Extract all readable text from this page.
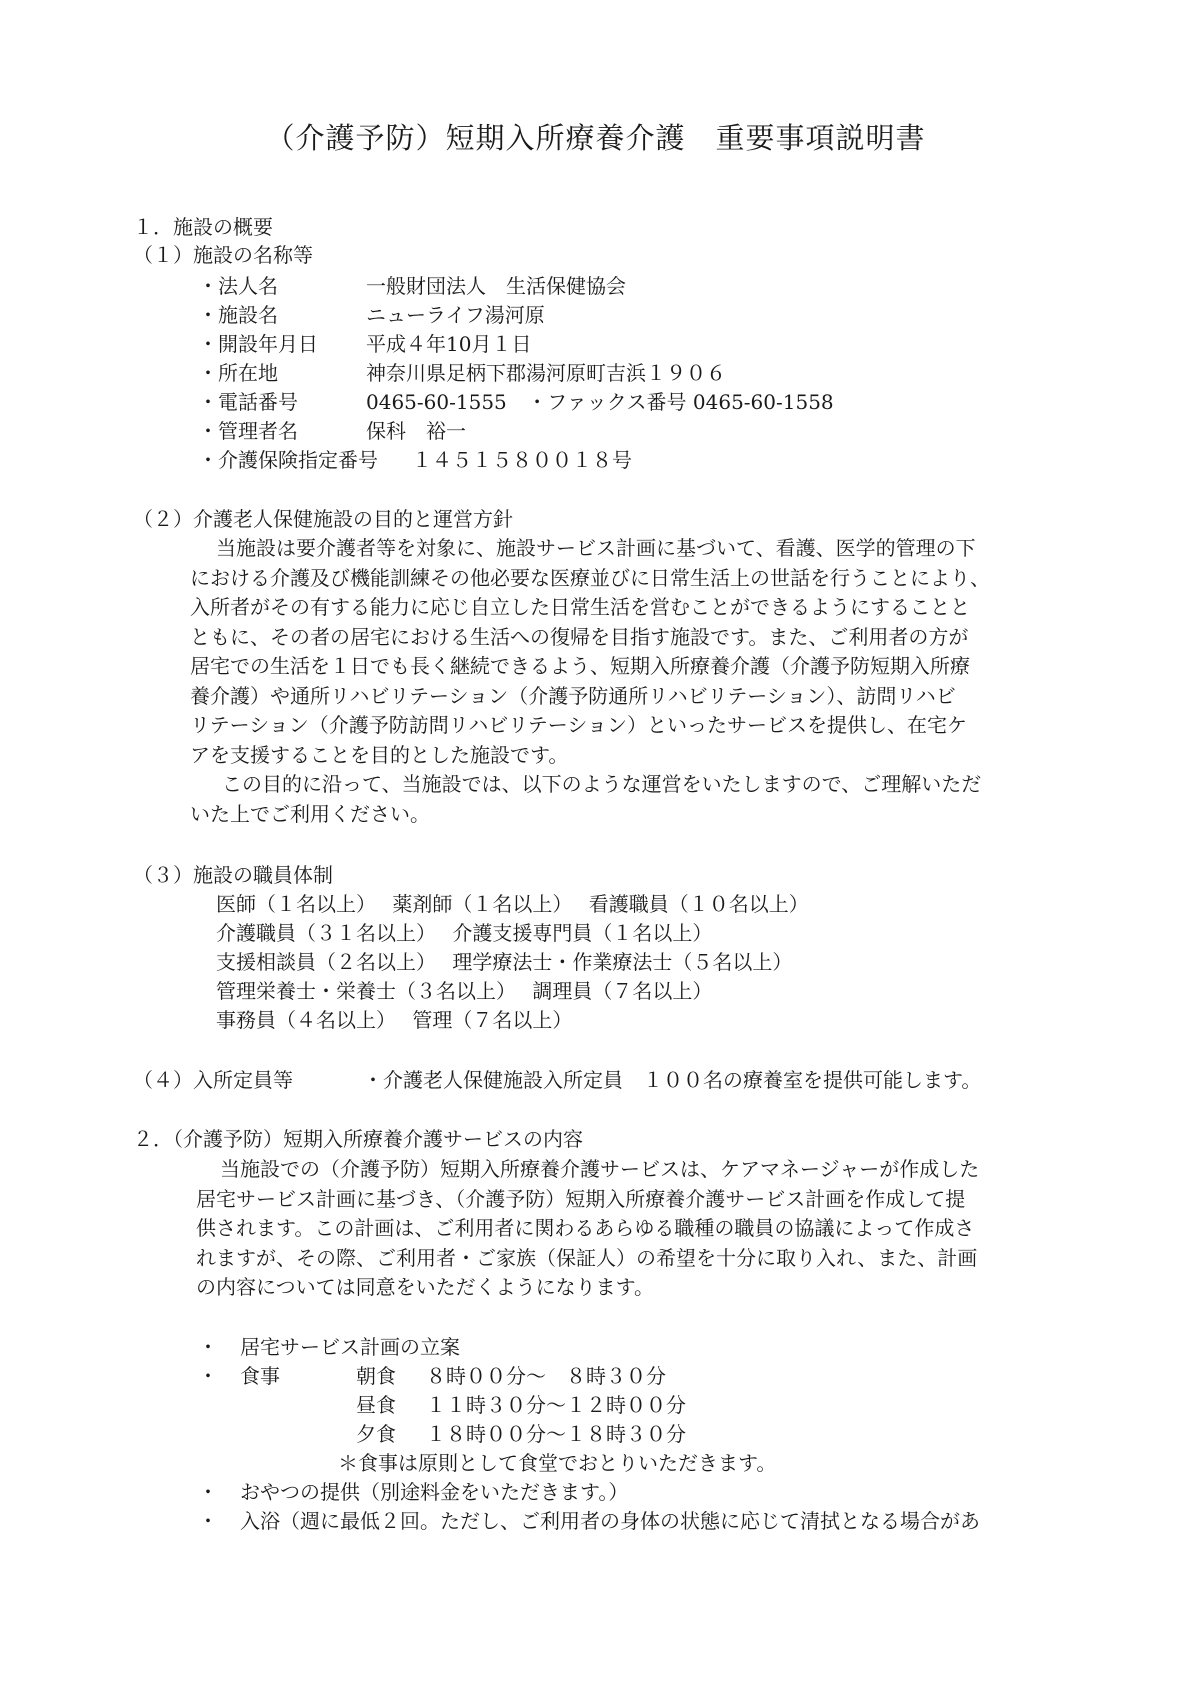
（介護予防）短期入所療養介護　重要事項説明書
１．施設の概要
（１）施設の名称等
・法人名	一般財団法人　生活保健協会
・施設名	ニューライフ湯河原
・開設年月日 平成４年10月１日
・所在地	神奈川県足柄下郡湯河原町吉浜１９０６
・電話番号	0465-60-1555 ・ファックス番号 0465-60-1558
・管理者名	保科　裕一
・介護保険指定番号 １４５１５８００１８号
（２）介護老人保健施設の目的と運営方針
当施設は要介護者等を対象に、施設サービス計画に基づいて、看護、医学的管理の下
における介護及び機能訓練その他必要な医療並びに日常生活上の世話を行うことにより、
入所者がその有する能力に応じ自立した日常生活を営むことができるようにすることと
ともに、その者の居宅における生活への復帰を目指す施設です。また、ご利用者の方が
居宅での生活を１日でも長く継続できるよう、短期入所療養介護（介護予防短期入所療
養介護）や通所リハビリテーション（介護予防通所リハビリテーション）、訪問リハビ
リテーション（介護予防訪問リハビリテーション）といったサービスを提供し、在宅ケ
アを支援することを目的とした施設です。
この目的に沿って、当施設では、以下のような運営をいたしますので、ご理解いただ
いた上でご利用ください。
（３）施設の職員体制
医師（１名以上）　 薬剤師（１名以上）　 看護職員（１０名以上）
介護職員（３１名以上）　 介護支援専門員（１名以上）
支援相談員（２名以上）　 理学療法士・作業療法士（５名以上）
管理栄養士・栄養士（３名以上）　 調理員（７名以上）
事務員（４名以上）　 管理（７名以上）
（４）入所定員等	・介護老人保健施設入所定員　１００名の療養室を提供可能します。
２．（介護予防）短期入所療養介護サービスの内容
当施設での（介護予防）短期入所療養介護サービスは、ケアマネージャーが作成した
居宅サービス計画に基づき、（介護予防）短期入所療養介護サービス計画を作成して提
供されます。この計画は、ご利用者に関わるあらゆる職種の職員の協議によって作成さ
れますが、その際、ご利用者・ご家族（保証人）の希望を十分に取り入れ、また、計画
の内容については同意をいただくようになります。
・ 居宅サービス計画の立案
・ 食事	朝食 ８時００分～　８時３０分
昼食 １１時３０分～１２時００分
夕食 １８時００分～１８時３０分
＊食事は原則として食堂でおとりいただきます。
・ おやつの提供（別途料金をいただきます。）
・ 入浴（週に最低２回。ただし、ご利用者の身体の状態に応じて清拭となる場合があ
